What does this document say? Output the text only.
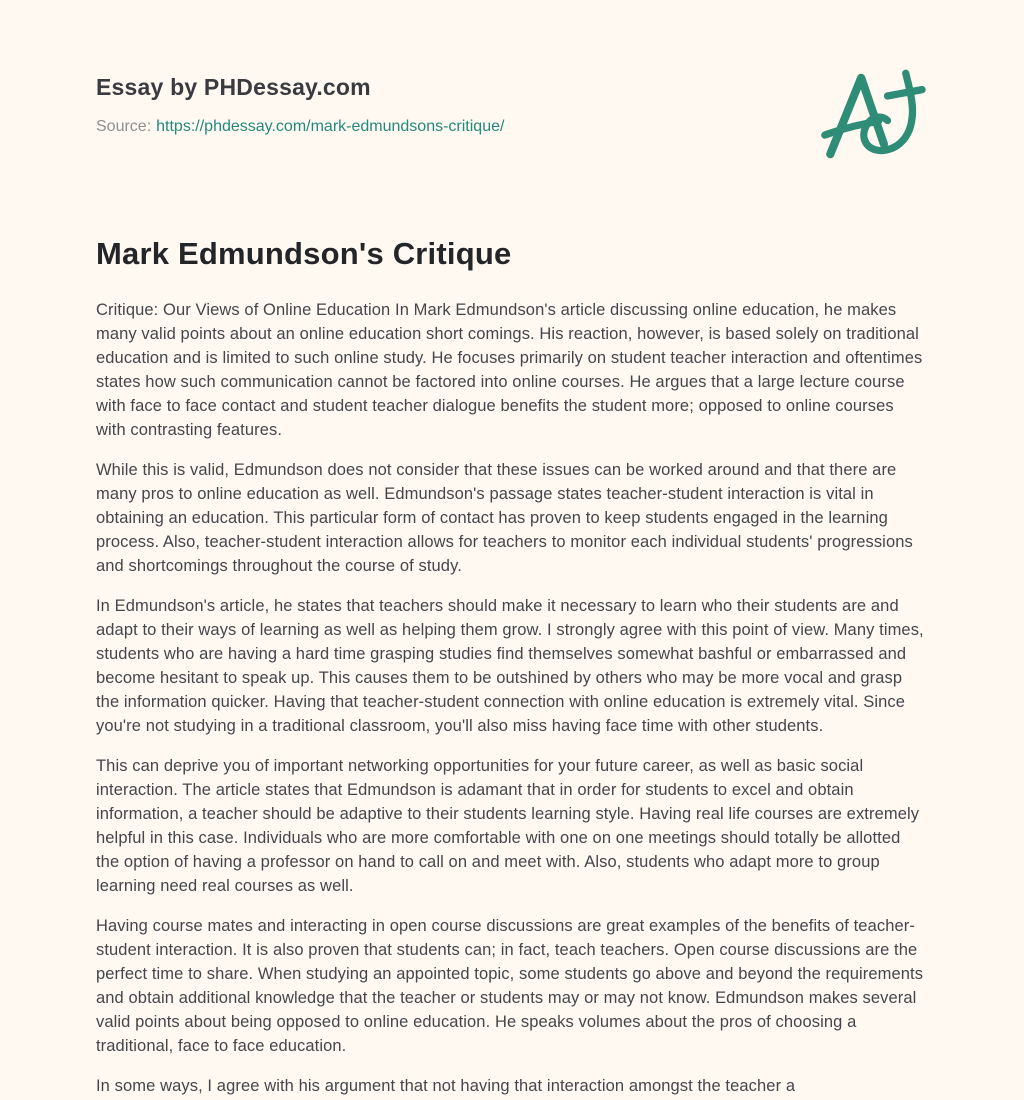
Essay by PHDessay.com
Source: https://phdessay.com/mark-edmundsons-critique/
Mark Edmundson's Critique

Critique: Our Views of Online Education In Mark Edmundson's article discussing online education, he makes many valid points about an online education short comings. His reaction, however, is based solely on traditional education and is limited to such online study. He focuses primarily on student teacher interaction and oftentimes states how such communication cannot be factored into online courses. He argues that a large lecture course with face to face contact and student teacher dialogue benefits the student more; opposed to online courses with contrasting features.

While this is valid, Edmundson does not consider that these issues can be worked around and that there are many pros to online education as well. Edmundson's passage states teacher-student interaction is vital in obtaining an education. This particular form of contact has proven to keep students engaged in the learning process. Also, teacher-student interaction allows for teachers to monitor each individual students' progressions and shortcomings throughout the course of study.

In Edmundson's article, he states that teachers should make it necessary to learn who their students are and adapt to their ways of learning as well as helping them grow. I strongly agree with this point of view. Many times, students who are having a hard time grasping studies find themselves somewhat bashful or embarrassed and become hesitant to speak up. This causes them to be outshined by others who may be more vocal and grasp the information quicker. Having that teacher-student connection with online education is extremely vital. Since you're not studying in a traditional classroom, you'll also miss having face time with other students.

This can deprive you of important networking opportunities for your future career, as well as basic social interaction. The article states that Edmundson is adamant that in order for students to excel and obtain information, a teacher should be adaptive to their students learning style. Having real life courses are extremely helpful in this case. Individuals who are more comfortable with one on one meetings should totally be allotted the option of having a professor on hand to call on and meet with. Also, students who adapt more to group learning need real courses as well.

Having course mates and interacting in open course discussions are great examples of the benefits of teacher-student interaction. It is also proven that students can; in fact, teach teachers. Open course discussions are the perfect time to share. When studying an appointed topic, some students go above and beyond the requirements and obtain additional knowledge that the teacher or students may or may not know. Edmundson makes several valid points about being opposed to online education. He speaks volumes about the pros of choosing a traditional, face to face education.

In some ways, I agree with his argument that not having that interaction amongst the teacher a
